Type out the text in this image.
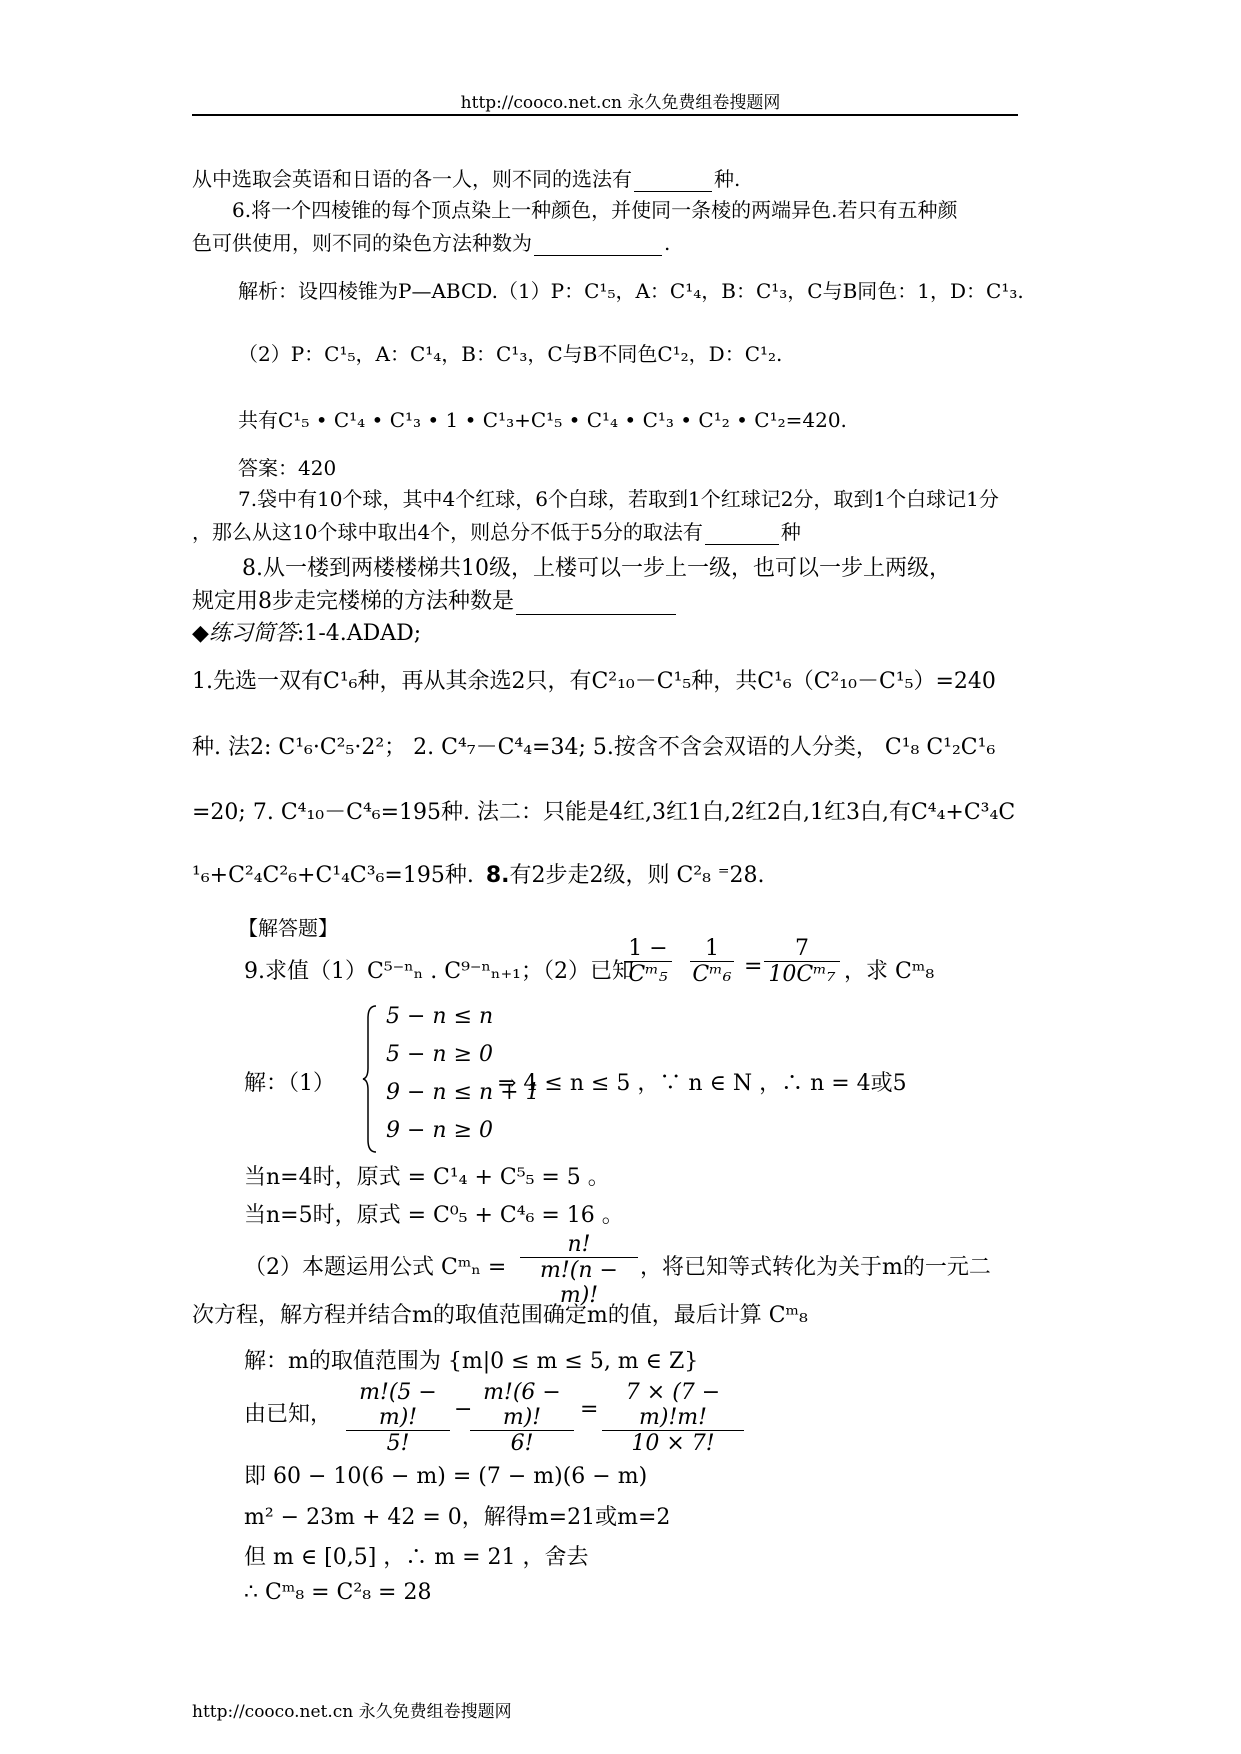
http://cooco.net.cn 永久免费组卷搜题网
从中选取会英语和日语的各一人，则不同的选法有	种.
6.将一个四棱锥的每个顶点染上一种颜色，并使同一条棱的两端异色.若只有五种颜
色可供使用，则不同的染色方法种数为	.
解析：设四棱锥为P—ABCD.（1）P：C¹₅，A：C¹₄，B：C¹₃，C与B同色：1，D：C¹₃.
（2）P：C¹₅，A：C¹₄，B：C¹₃，C与B不同色C¹₂，D：C¹₂.
共有C¹₅ • C¹₄ • C¹₃ • 1 • C¹₃+C¹₅ • C¹₄ • C¹₃ • C¹₂ • C¹₂=420.
答案：420
7.袋中有10个球，其中4个红球，6个白球，若取到1个红球记2分，取到1个白球记1分
，那么从这10个球中取出4个，则总分不低于5分的取法有	种
8.从一楼到两楼楼梯共10级，上楼可以一步上一级，也可以一步上两级，
规定用8步走完楼梯的方法种数是
◆练习简答:1-4.ADAD;
1.先选一双有C¹₆种，再从其余选2只，有C²₁₀－C¹₅种，共C¹₆（C²₁₀－C¹₅）=240
种. 法2: C¹₆·C²₅·2²； 2. C⁴₇－C⁴₄=34; 5.按含不含会双语的人分类， C¹₈ C¹₂C¹₆
=20; 7. C⁴₁₀－C⁴₆=195种. 法二：只能是4红,3红1白,2红2白,1红3白,有C⁴₄+C³₄C
¹₆+C²₄C²₆+C¹₄C³₆=195种. 8.有2步走2级，则 C²₈ ⁼28.
【解答题】
9.求值（1）C⁵⁻ⁿₙ . C⁹⁻ⁿₙ₊₁；（2）已知
$\frac{1 -}{\text{Cᵐ₅}} \frac{1}{\text{Cᵐ₆}} = \frac{7}{\text{10Cᵐ₇}}$ ，求 Cᵐ₈
解：（1）
5 − n ≤ n
5 − n ≥ 0
9 − n ≤ n + 1
9 − n ≥ 0
⇒ 4 ≤ n ≤ 5 ，∵ n ∈ N ，∴ n = 4或5
当n=4时，原式 = C¹₄ + C⁵₅ = 5 。
当n=5时，原式 = C⁰₅ + C⁴₆ = 16 。
（2）本题运用公式 Cᵐₙ = $\frac{n!}{m!(n - m)!}$ ，将已知等式转化为关于m的一元二
次方程，解方程并结合m的取值范围确定m的值，最后计算 Cᵐ₈
解：m的取值范围为 {m|0 ≤ m ≤ 5, m ∈ Z}
由已知， $\frac{m!(5 - m)!}{5!}$ −
$\frac{m!(6 - m)!}{6!} = \frac{7 \times (7 - m)!m!}{10 \times 7!}$
即 60 − 10(6 − m) = (7 − m)(6 − m)
m² − 23m + 42 = 0，解得m=21或m=2
但 m ∈ [0,5] ，∴ m = 21 ，舍去
∴ Cᵐ₈ = C²₈ = 28
http://cooco.net.cn 永久免费组卷搜题网
